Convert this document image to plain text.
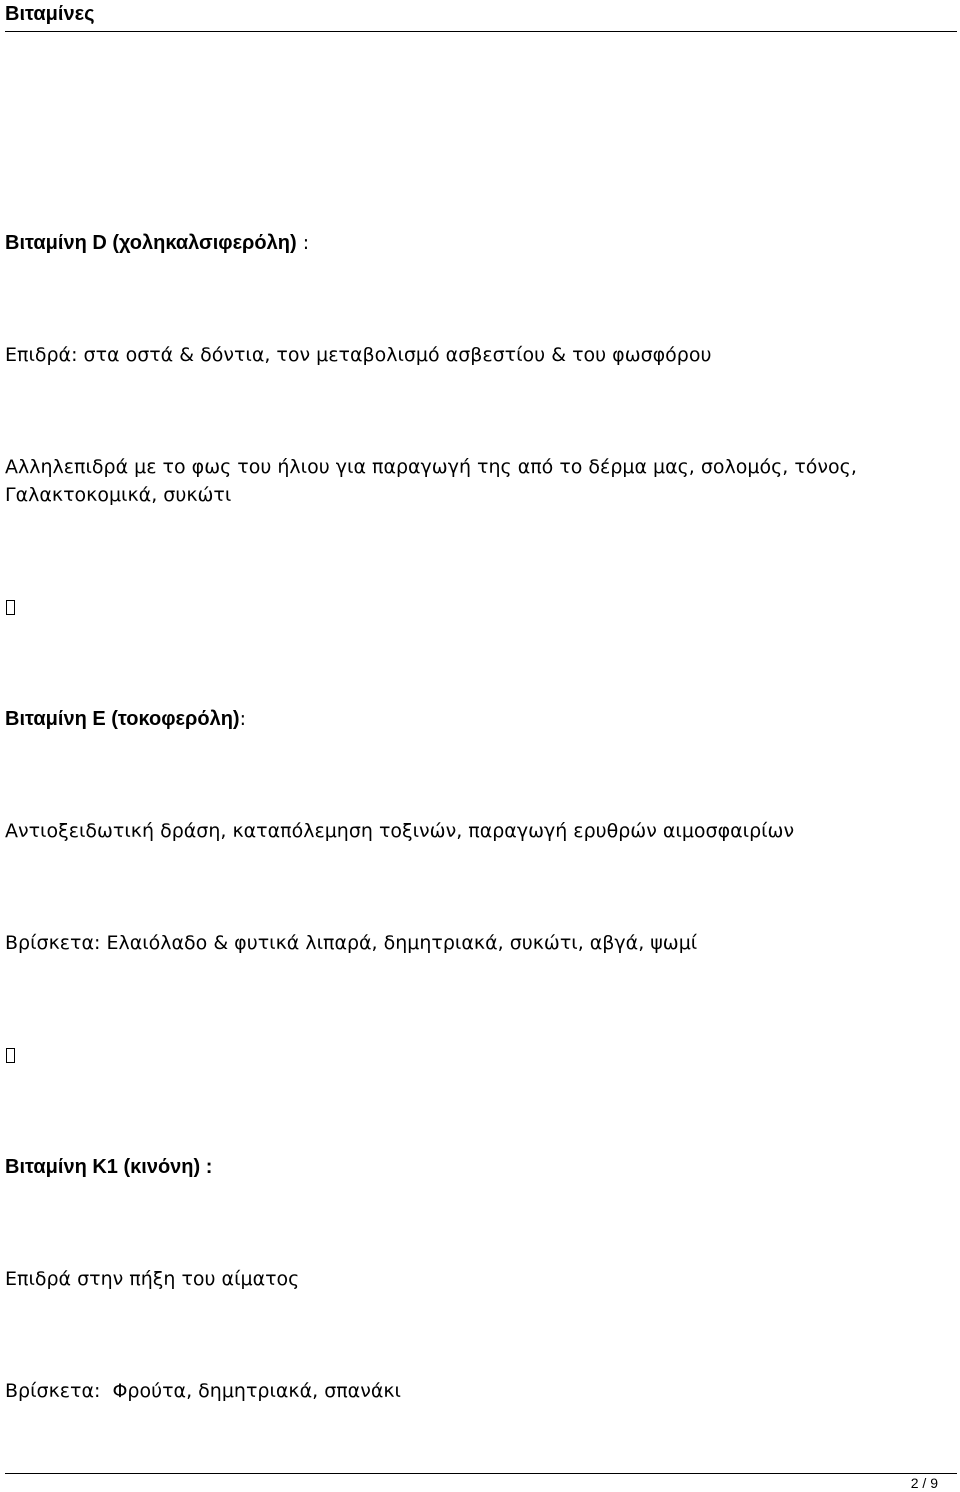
Βιταμίνες
Βιταμίνη D (χοληκαλσιφερόλη) :
Επιδρά: στα οστά & δόντια, τον μεταβολισμό ασβεστίου & του φωσφόρου
Αλληλεπιδρά με το φως του ήλιου για παραγωγή της από το δέρμα μας, σολομός, τόνος, Γαλακτοκομικά, συκώτι
Βιταμίνη Ε (τοκοφερόλη):
Αντιοξειδωτική δράση, καταπόλεμηση τοξινών, παραγωγή ερυθρών αιμοσφαιρίων
Βρίσκετα: Ελαιόλαδο & φυτικά λιπαρά, δημητριακά, συκώτι, αβγά, ψωμί
Βιταμίνη Κ1 (κινόνη) :
Επιδρά στην πήξη του αίματος
Βρίσκετα:  Φρούτα, δημητριακά, σπανάκι
2 / 9
